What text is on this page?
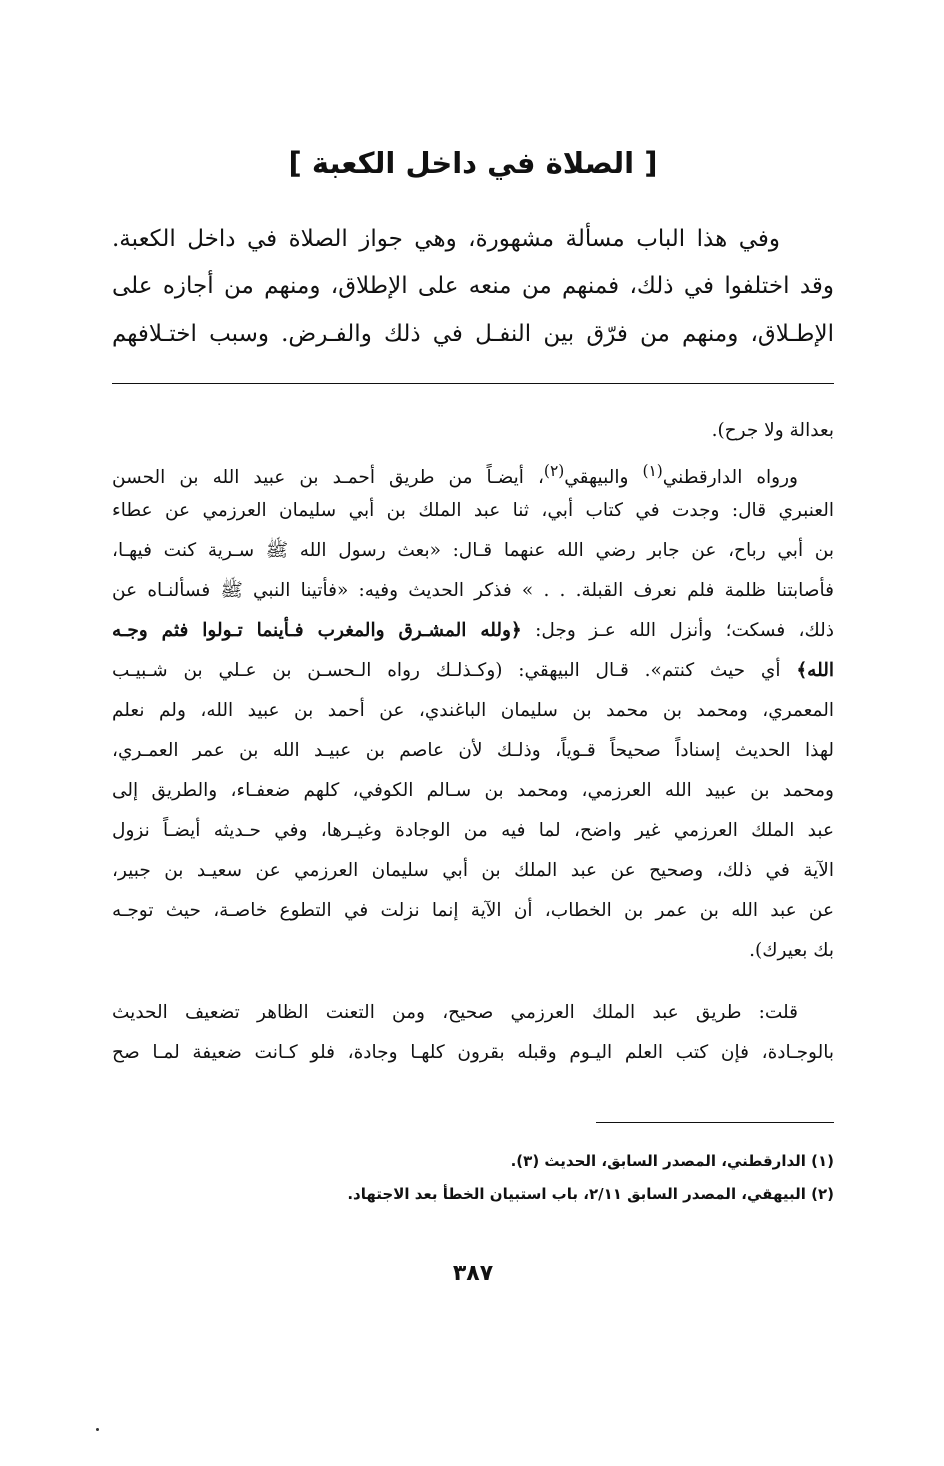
[ الصلاة في داخل الكعبة ]
وفي هذا الباب مسألة مشهورة، وهي جواز الصلاة في داخل الكعبة.
وقد اختلفوا في ذلك، فمنهم من منعه على الإطلاق، ومنهم من أجازه على
الإطـلاق، ومنهم من فرّق بين النفـل في ذلك والفـرض. وسبب اختـلافهم
بعدالة ولا جرح).
ورواه الدارقطني$^{(١)}$ والبيهقي$^{(٢)}$، أيضـاً من طريق أحمـد بن عبيد الله بن الحسن
العنبري قال: وجدت في كتاب أبي، ثنا عبد الملك بن أبي سليمان العرزمي عن عطاء
بن أبي رباح، عن جابر رضي الله عنهما قـال: «بعث رسول الله ﷺ سـرية كنت فيهـا،
فأصابتنا ظلمة فلم نعرف القبلة. . . » فذكر الحديث وفيه: «فأتينا النبي ﷺ فسألنـاه عن
ذلك، فسكت؛ وأنزل الله عـز وجل: ﴿ولله المشـرق والمغرب فـأينما تـولوا فثم وجـه
الله﴾ أي حيث كنتم». قـال البيهقي: (وكـذلـك رواه الـحسـن بن عـلي بن شـبيـب
المعمري، ومحمد بن محمد بن سليمان الباغندي، عن أحمد بن عبيد الله، ولم نعلم
لهذا الحديث إسناداً صحيحاً قـوياً، وذلـك لأن عاصم بن عبيـد الله بن عمر العمـري،
ومحمد بن عبيد الله العرزمي، ومحمد بن سـالم الكوفي، كلهم ضعفـاء، والطريق إلى
عبد الملك العرزمي غير واضح، لما فيه من الوجادة وغيـرها، وفي حـديثه أيضـاً نزول
الآية في ذلك، وصحيح عن عبد الملك بن أبي سليمان العرزمي عن سعيـد بن جبير،
عن عبد الله بن عمر بن الخطاب، أن الآية إنما نزلت في التطوع خاصـة، حيث توجـه
بك بعيرك).
قلت: طريق عبد الملك العرزمي صحيح، ومن التعنت الظاهر تضعيف الحديث
بالوجـادة، فإن كتب العلم اليـوم وقبله بقرون كلهـا وجادة، فلو كـانت ضعيفة لمـا صح
(١) الدارقطني، المصدر السابق، الحديث (٣).
(٢) البيهقي، المصدر السابق ٢/١١، باب استبيان الخطأ بعد الاجتهاد.
٣٨٧
